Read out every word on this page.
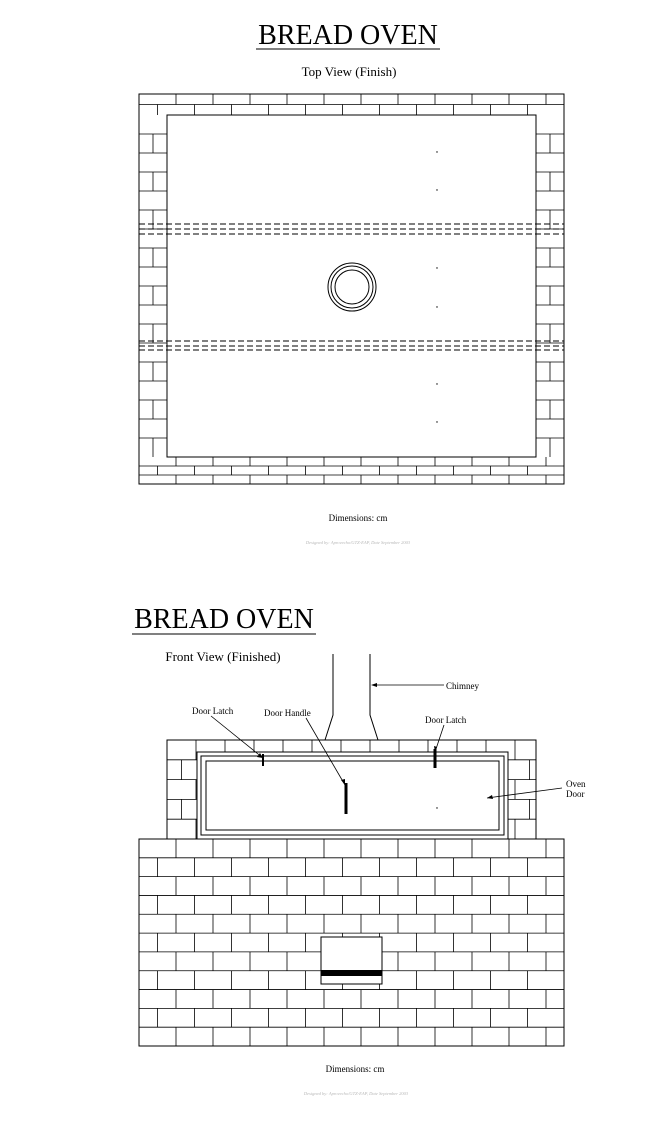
BREAD OVEN
Top View (Finish)
Dimensions: cm
Designed by: Aprovecho/GTZ-EAP, Date September 2003
BREAD OVEN
Front View (Finished)
Chimney
Door Latch	Door Handle
Door Latch
Oven
Door
Dimensions: cm
Designed by: Aprovecho/GTZ-EAP, Date September 2003
